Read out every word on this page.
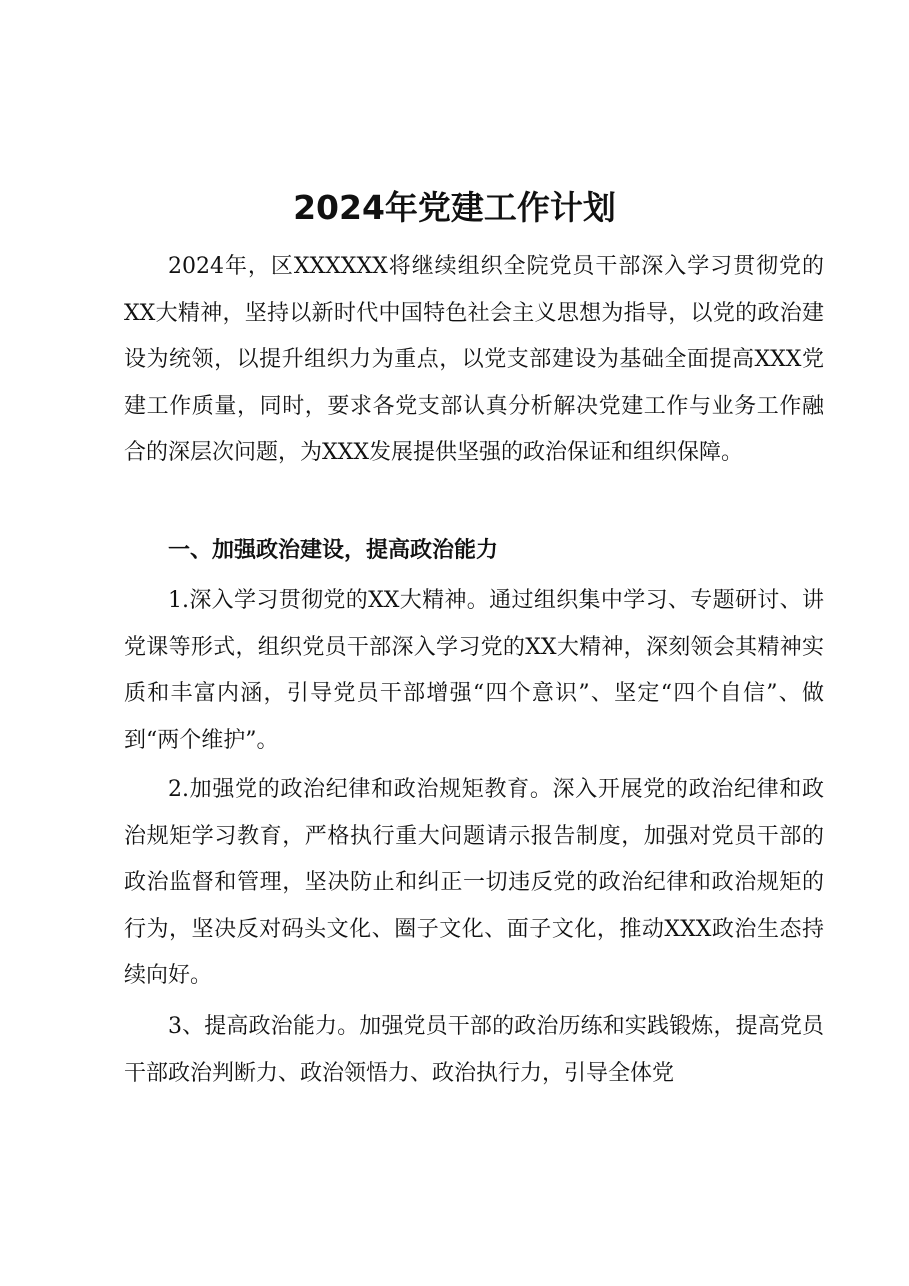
2024年党建工作计划

2024年，区XXXXXX将继续组织全院党员干部深入学习贯彻党的XX大精神，坚持以新时代中国特色社会主义思想为指导，以党的政治建设为统领，以提升组织力为重点，以党支部建设为基础全面提高XXX党建工作质量，同时，要求各党支部认真分析解决党建工作与业务工作融合的深层次问题，为XXX发展提供坚强的政治保证和组织保障。

一、加强政治建设，提高政治能力

1.深入学习贯彻党的XX大精神。通过组织集中学习、专题研讨、讲党课等形式，组织党员干部深入学习党的XX大精神，深刻领会其精神实质和丰富内涵，引导党员干部增强“四个意识”、坚定“四个自信”、做到“两个维护”。

2.加强党的政治纪律和政治规矩教育。深入开展党的政治纪律和政治规矩学习教育，严格执行重大问题请示报告制度，加强对党员干部的政治监督和管理，坚决防止和纠正一切违反党的政治纪律和政治规矩的行为，坚决反对码头文化、圈子文化、面子文化，推动XXX政治生态持续向好。

3、提高政治能力。加强党员干部的政治历练和实践锻炼，提高党员干部政治判断力、政治领悟力、政治执行力，引导全体党
